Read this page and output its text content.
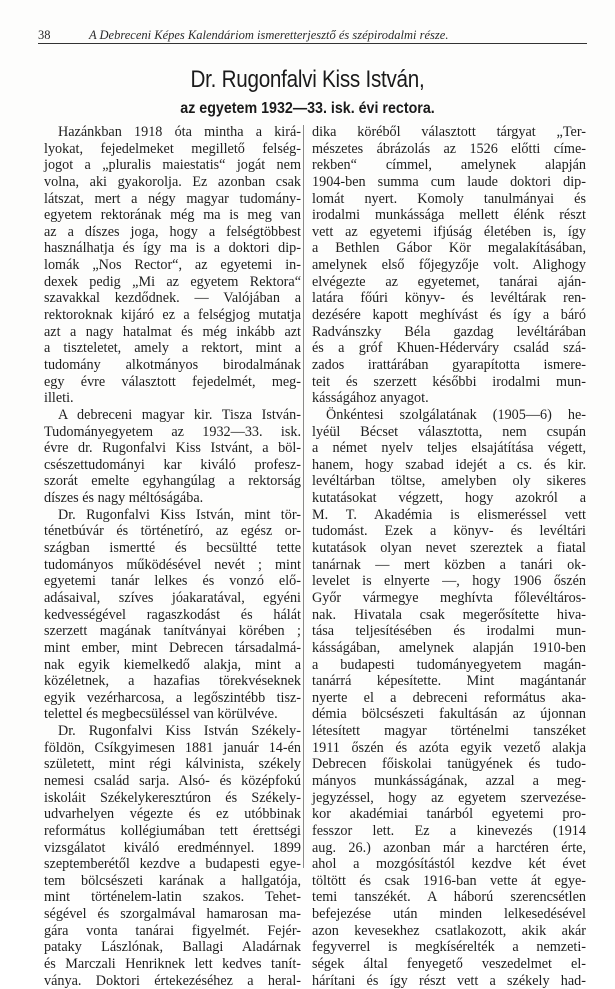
38	A Debreceni Képes Kalendáriom ismeretterjesztő és szépirodalmi része.
Dr. Rugonfalvi Kiss István,
az egyetem 1932—33. isk. évi rectora.
Hazánkban 1918 óta mintha a kirá-
lyokat, fejedelmeket megillető felség-
jogot a „pluralis maiestatis“ jogát nem
volna, aki gyakorolja. Ez azonban csak
látszat, mert a négy magyar tudomány-
egyetem rektorának még ma is meg van
az a díszes joga, hogy a felségtöbbest
használhatja és így ma is a doktori dip-
lomák „Nos Rector“, az egyetemi in-
dexek pedig „Mi az egyetem Rektora“
szavakkal kezdődnek. — Valójában a
rektoroknak kijáró ez a felségjog mutatja
azt a nagy hatalmat és még inkább azt
a tiszteletet, amely a rektort, mint a
tudomány alkotmányos birodalmának
egy évre választott fejedelmét, meg-
illeti.
A debreceni magyar kir. Tisza István-
Tudományegyetem az 1932—33. isk.
évre dr. Rugonfalvi Kiss Istvánt, a böl-
csészettudományi kar kiváló profesz-
szorát emelte egyhangúlag a rektorság
díszes és nagy méltóságába.
Dr. Rugonfalvi Kiss István, mint tör-
ténetbúvár és történetíró, az egész or-
szágban ismertté és becsültté tette
tudományos működésével nevét ; mint
egyetemi tanár lelkes és vonzó elő-
adásaival, szíves jóakaratával, egyéni
kedvességével ragaszkodást és hálát
szerzett magának tanítványai körében ;
mint ember, mint Debrecen társadalmá-
nak egyik kiemelkedő alakja, mint a
közéletnek, a hazafias törekvéseknek
egyik vezérharcosa, a legőszintébb tisz-
telettel és megbecsüléssel van körülvéve.
Dr. Rugonfalvi Kiss István Székely-
földön, Csíkgyimesen 1881 január 14-én
született, mint régi kálvinista, székely
nemesi család sarja. Alsó- és középfokú
iskoláit Székelykeresztúron és Székely-
udvarhelyen végezte és ez utóbbinak
református kollégiumában tett érettségi
vizsgálatot kiváló eredménnyel. 1899
szeptemberétől kezdve a budapesti egye-
tem bölcsészeti karának a hallgatója,
mint történelem-latin szakos. Tehet-
ségével és szorgalmával hamarosan ma-
gára vonta tanárai figyelmét. Fejér-
pataky Lászlónak, Ballagi Aladárnak
és Marczali Henriknek lett kedves tanít-
ványa. Doktori értekezéséhez a heral-
dika köréből választott tárgyat „Ter-
mészetes ábrázolás az 1526 előtti címe-
rekben“ címmel, amelynek alapján
1904-ben summa cum laude doktori dip-
lomát nyert. Komoly tanulmányai és
irodalmi munkássága mellett élénk részt
vett az egyetemi ifjúság életében is, így
a Bethlen Gábor Kör megalakításában,
amelynek első főjegyzője volt. Alighogy
elvégezte az egyetemet, tanárai aján-
latára főúri könyv- és levéltárak ren-
dezésére kapott meghívást és így a báró
Radvánszky Béla gazdag levéltárában
és a gróf Khuen-Héderváry család szá-
zados irattárában gyarapította ismere-
teit és szerzett későbbi irodalmi mun-
kásságához anyagot.
Önkéntesi szolgálatának (1905—6) he-
lyéül Bécset választotta, nem csupán
a német nyelv teljes elsajátítása végett,
hanem, hogy szabad idejét a cs. és kir.
levéltárban töltse, amelyben oly sikeres
kutatásokat végzett, hogy azokról a
M. T. Akadémia is elismeréssel vett
tudomást. Ezek a könyv- és levéltári
kutatások olyan nevet szereztek a fiatal
tanárnak — mert közben a tanári ok-
levelet is elnyerte —, hogy 1906 őszén
Győr vármegye meghívta főlevéltáros-
nak. Hivatala csak megerősítette hiva-
tása teljesítésében és irodalmi mun-
kásságában, amelynek alapján 1910-ben
a budapesti tudományegyetem magán-
tanárrá képesítette. Mint magántanár
nyerte el a debreceni református aka-
démia bölcsészeti fakultásán az újonnan
létesített magyar történelmi tanszéket
1911 őszén és azóta egyik vezető alakja
Debrecen főiskolai tanügyének és tudo-
mányos munkásságának, azzal a meg-
jegyzéssel, hogy az egyetem szervezése-
kor akadémiai tanárból egyetemi pro-
fesszor lett. Ez a kinevezés (1914
aug. 26.) azonban már a harctéren érte,
ahol a mozgósítástól kezdve két évet
töltött és csak 1916-ban vette át egye-
temi tanszékét. A háború szerencsétlen
befejezése után minden lelkesedésével
azon kevesekhez csatlakozott, akik akár
fegyverrel is megkísérelték a nemzeti-
ségek által fenyegető veszedelmet el-
hárítani és így részt vett a székely had-
